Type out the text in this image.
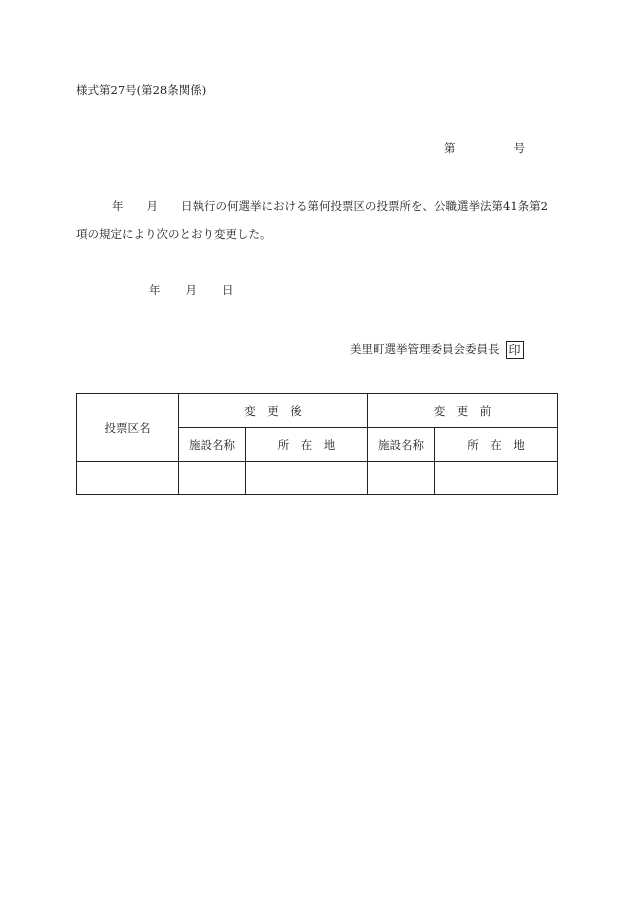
様式第27号(第28条関係)
第	号
年 月 日執行の何選挙における第何投票区の投票所を、公職選挙法第41条第2
項の規定により次のとおり変更した。
年 月 日
美里町選挙管理委員会委員長 印
投票区名	変　更　後		変　更　前	
	施設名称	所　在　地	施設名称	所　在　地
